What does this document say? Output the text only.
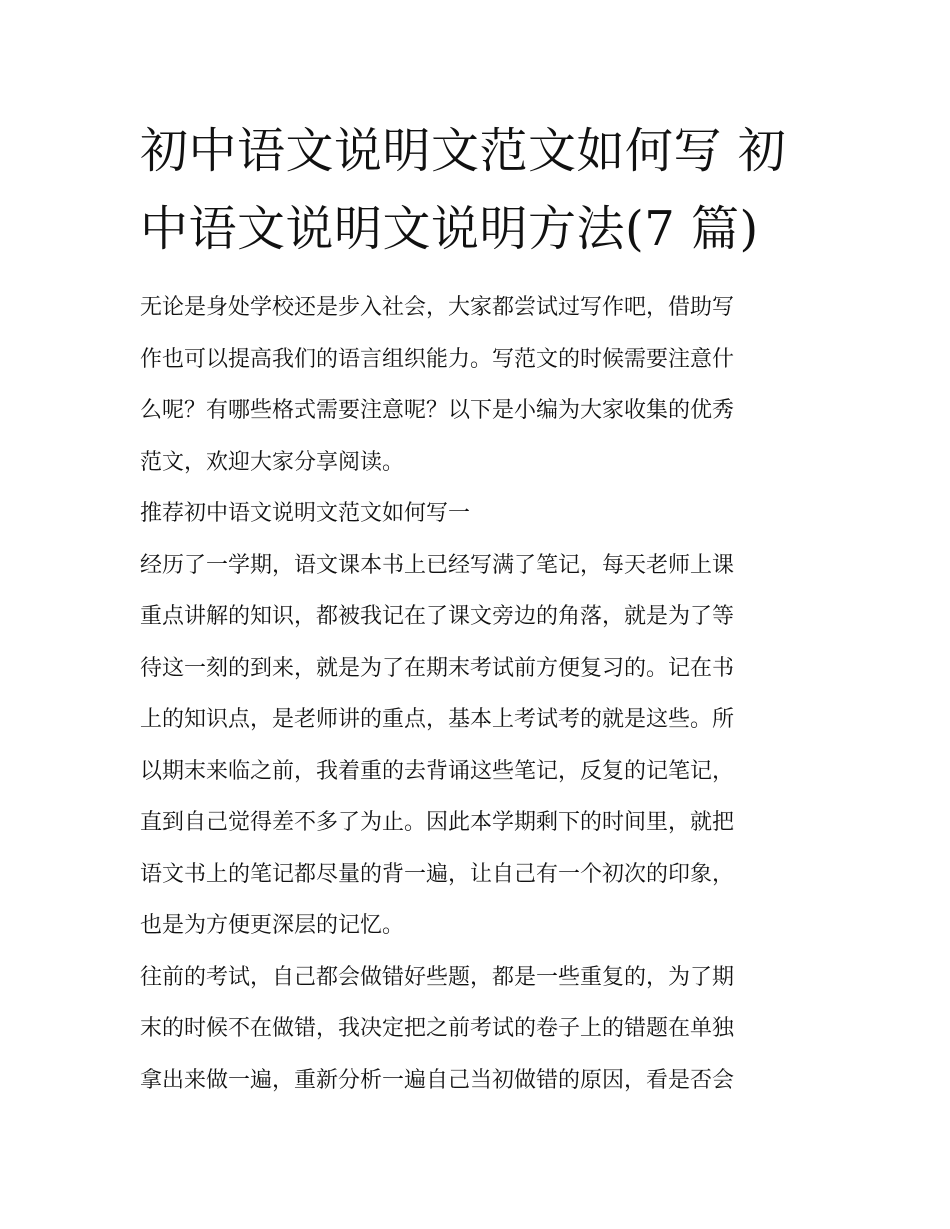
初中语文说明文范文如何写 初
中语文说明文说明方法(7 篇)

无论是身处学校还是步入社会，大家都尝试过写作吧，借助写
作也可以提高我们的语言组织能力。写范文的时候需要注意什
么呢？有哪些格式需要注意呢？以下是小编为大家收集的优秀
范文，欢迎大家分享阅读。

推荐初中语文说明文范文如何写一

经历了一学期，语文课本书上已经写满了笔记，每天老师上课
重点讲解的知识，都被我记在了课文旁边的角落，就是为了等
待这一刻的到来，就是为了在期末考试前方便复习的。记在书
上的知识点，是老师讲的重点，基本上考试考的就是这些。所
以期末来临之前，我着重的去背诵这些笔记，反复的记笔记，
直到自己觉得差不多了为止。因此本学期剩下的时间里，就把
语文书上的笔记都尽量的背一遍，让自己有一个初次的印象，
也是为方便更深层的记忆。

往前的考试，自己都会做错好些题，都是一些重复的，为了期
末的时候不在做错，我决定把之前考试的卷子上的错题在单独
拿出来做一遍，重新分析一遍自己当初做错的原因，看是否会
